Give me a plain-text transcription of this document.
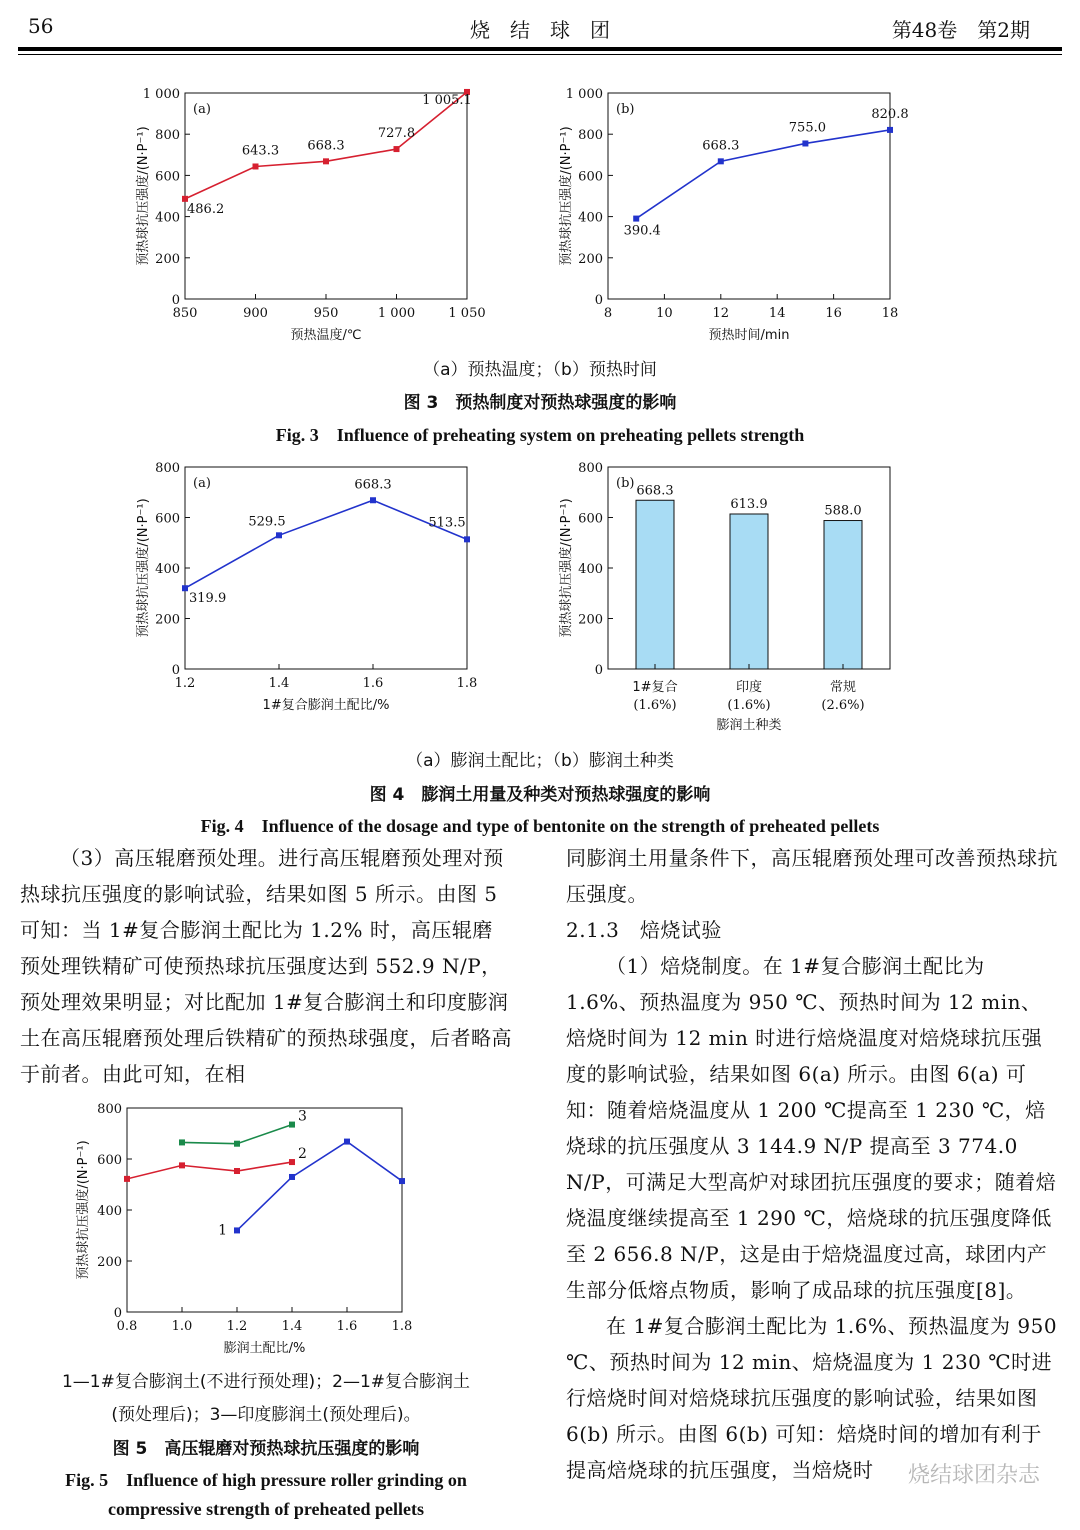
56	烧　结　球　团	第48卷　第2期
0
200
400
600
800
1 000
850	900	950	1 000	1 050
预热温度/℃
预热球抗压强度/(N·P⁻¹)
(a)
486.2
643.3 668.3
727.8
1 005.1
0
200
400
600
800
1 000
8	10	12	14	16	18
预热时间/min
预热球抗压强度/(N·P⁻¹)
(b)
390.4
668.3
755.0
820.8
（a）预热温度；（b）预热时间
图 3　预热制度对预热球强度的影响
Fig. 3　Influence of preheating system on preheating pellets strength
0
200
400
600
800
1.2	1.4	1.6	1.8
1#复合膨润土配比/%
预热球抗压强度/(N·P⁻¹)
(a)
319.9
529.5
668.3
513.5
0
200
400
600
800
膨润土种类
预热球抗压强度/(N·P⁻¹)
(b) 668.3
1#复合
(1.6%)
613.9
印度
(1.6%)
588.0
常规
(2.6%)
（a）膨润土配比；（b）膨润土种类
图 4　膨润土用量及种类对预热球强度的影响
Fig. 4　Influence of the dosage and type of bentonite on the strength of preheated pellets

（3）高压辊磨预处理。进行高压辊磨预处理对预热球抗压强度的影响试验，结果如图 5 所示。由图 5 可知：当 1#复合膨润土配比为 1.2% 时，高压辊磨预处理铁精矿可使预热球抗压强度达到 552.9 N/P，预处理效果明显；对比配加 1#复合膨润土和印度膨润土在高压辊磨预处理后铁精矿的预热球强度，后者略高于前者。由此可知，在相

0
200
400
600
800
0.8	1.0	1.2	1.4	1.6	1.8
膨润土配比/%
预热球抗压强度/(N·P⁻¹)	1
2
3
1—1#复合膨润土(不进行预处理)；2—1#复合膨润土
(预处理后)；3—印度膨润土(预处理后)。
图 5　高压辊磨对预热球抗压强度的影响
Fig. 5　Influence of high pressure roller grinding on
compressive strength of preheated pellets

同膨润土用量条件下，高压辊磨预处理可改善预热球抗压强度。

2.1.3　焙烧试验

（1）焙烧制度。在 1#复合膨润土配比为 1.6%、预热温度为 950 ℃、预热时间为 12 min、焙烧时间为 12 min 时进行焙烧温度对焙烧球抗压强度的影响试验，结果如图 6(a) 所示。由图 6(a) 可知：随着焙烧温度从 1 200 ℃提高至 1 230 ℃，焙烧球的抗压强度从 3 144.9 N/P 提高至 3 774.0 N/P，可满足大型高炉对球团抗压强度的要求；随着焙烧温度继续提高至 1 290 ℃，焙烧球的抗压强度降低至 2 656.8 N/P，这是由于焙烧温度过高，球团内产生部分低熔点物质，影响了成品球的抗压强度[8]。

在 1#复合膨润土配比为 1.6%、预热温度为 950 ℃、预热时间为 12 min、焙烧温度为 1 230 ℃时进行焙烧时间对焙烧球抗压强度的影响试验，结果如图 6(b) 所示。由图 6(b) 可知：焙烧时间的增加有利于提高焙烧球的抗压强度，当焙烧时	烧结球团杂志
